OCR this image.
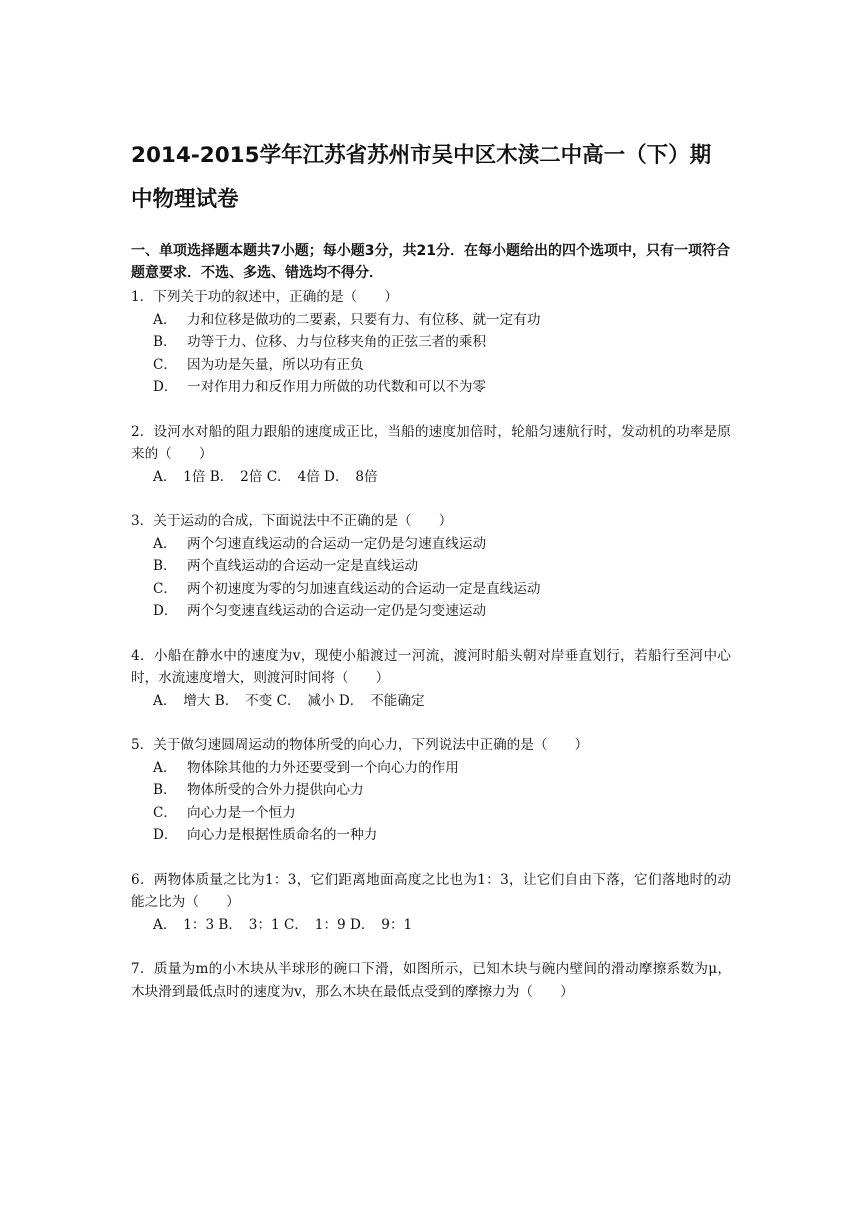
2014-2015学年江苏省苏州市吴中区木渎二中高一（下）期中物理试卷
一、单项选择题本题共7小题；每小题3分，共21分．在每小题给出的四个选项中，只有一项符合题意要求．不选、多选、错选均不得分．
1．下列关于功的叙述中，正确的是（　　）
A． 力和位移是做功的二要素，只要有力、有位移、就一定有功
B． 功等于力、位移、力与位移夹角的正弦三者的乘积
C． 因为功是矢量，所以功有正负
D． 一对作用力和反作用力所做的功代数和可以不为零
2．设河水对船的阻力跟船的速度成正比，当船的速度加倍时，轮船匀速航行时，发动机的功率是原来的（　　）
A．　1倍 B．　2倍 C．　4倍 D．　8倍
3．关于运动的合成，下面说法中不正确的是（　　）
A． 两个匀速直线运动的合运动一定仍是匀速直线运动
B． 两个直线运动的合运动一定是直线运动
C． 两个初速度为零的匀加速直线运动的合运动一定是直线运动
D． 两个匀变速直线运动的合运动一定仍是匀变速运动
4．小船在静水中的速度为v，现使小船渡过一河流，渡河时船头朝对岸垂直划行，若船行至河中心时，水流速度增大，则渡河时间将（　　）
A．　增大 B．　不变 C．　减小 D．　不能确定
5．关于做匀速圆周运动的物体所受的向心力，下列说法中正确的是（　　）
A． 物体除其他的力外还要受到一个向心力的作用
B． 物体所受的合外力提供向心力
C． 向心力是一个恒力
D． 向心力是根据性质命名的一种力
6．两物体质量之比为1：3，它们距离地面高度之比也为1：3，让它们自由下落，它们落地时的动能之比为（　　）
A．　1：3 B．　3：1 C．　1：9 D．　9：1
7．质量为m的小木块从半球形的碗口下滑，如图所示，已知木块与碗内壁间的滑动摩擦系数为μ，木块滑到最低点时的速度为v，那么木块在最低点受到的摩擦力为（　　）
